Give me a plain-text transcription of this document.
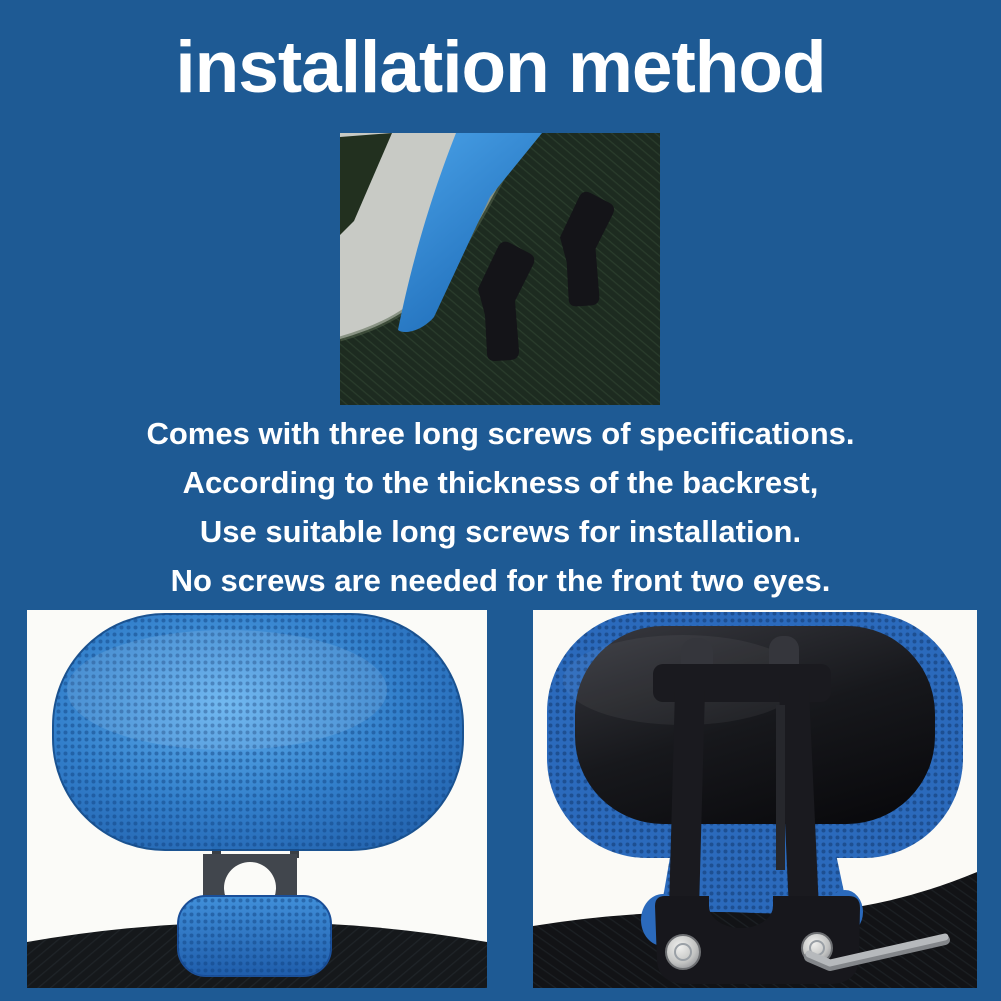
installation method
Comes with three long screws of specifications.
According to the thickness of the backrest,
Use suitable long screws for installation.
No screws are needed for the front two eyes.
